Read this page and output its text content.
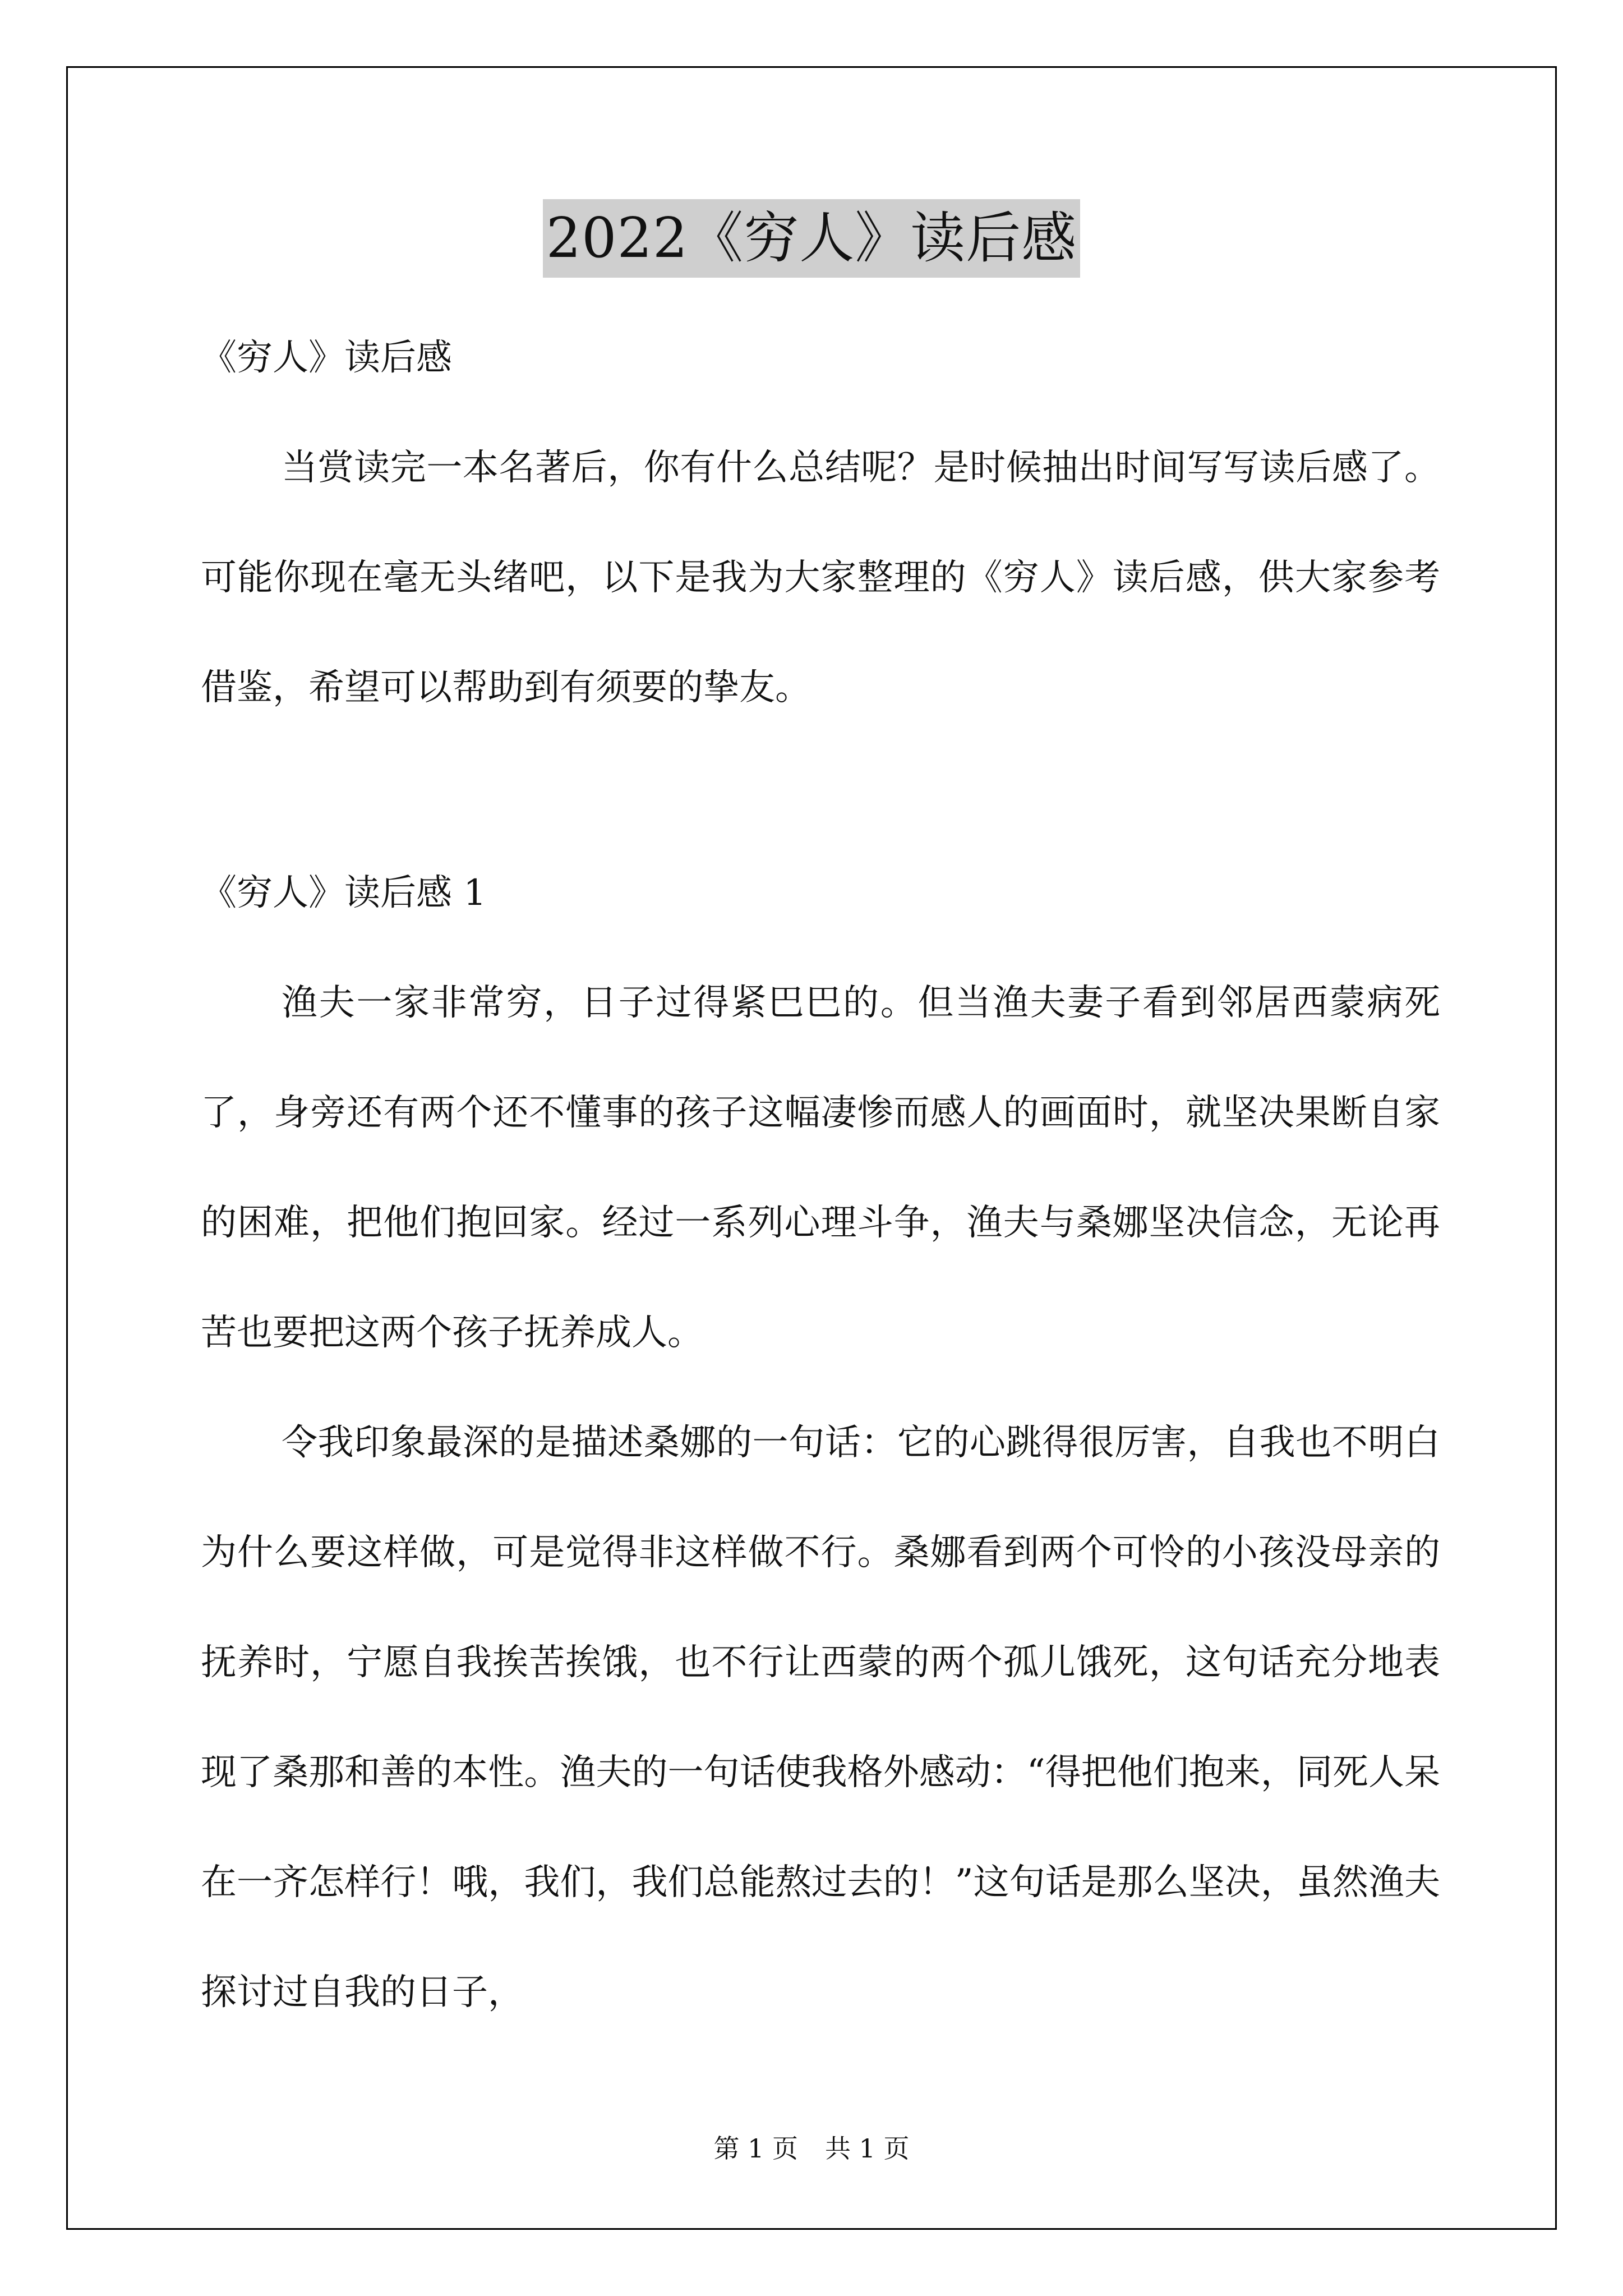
2022《穷人》读后感

《穷人》读后感

当赏读完一本名著后，你有什么总结呢？是时候抽出时间写写读后感了。可能你现在毫无头绪吧，以下是我为大家整理的《穷人》读后感，供大家参考借鉴，希望可以帮助到有须要的挚友。

《穷人》读后感 1

渔夫一家非常穷，日子过得紧巴巴的。但当渔夫妻子看到邻居西蒙病死了，身旁还有两个还不懂事的孩子这幅凄惨而感人的画面时，就坚决果断自家的困难，把他们抱回家。经过一系列心理斗争，渔夫与桑娜坚决信念，无论再苦也要把这两个孩子抚养成人。

令我印象最深的是描述桑娜的一句话：它的心跳得很厉害，自我也不明白为什么要这样做，可是觉得非这样做不行。桑娜看到两个可怜的小孩没母亲的抚养时，宁愿自我挨苦挨饿，也不行让西蒙的两个孤儿饿死，这句话充分地表现了桑那和善的本性。渔夫的一句话使我格外感动：“得把他们抱来，同死人呆在一齐怎样行！哦，我们，我们总能熬过去的！”这句话是那么坚决，虽然渔夫探讨过自我的日子，

第 1 页 共 1 页
